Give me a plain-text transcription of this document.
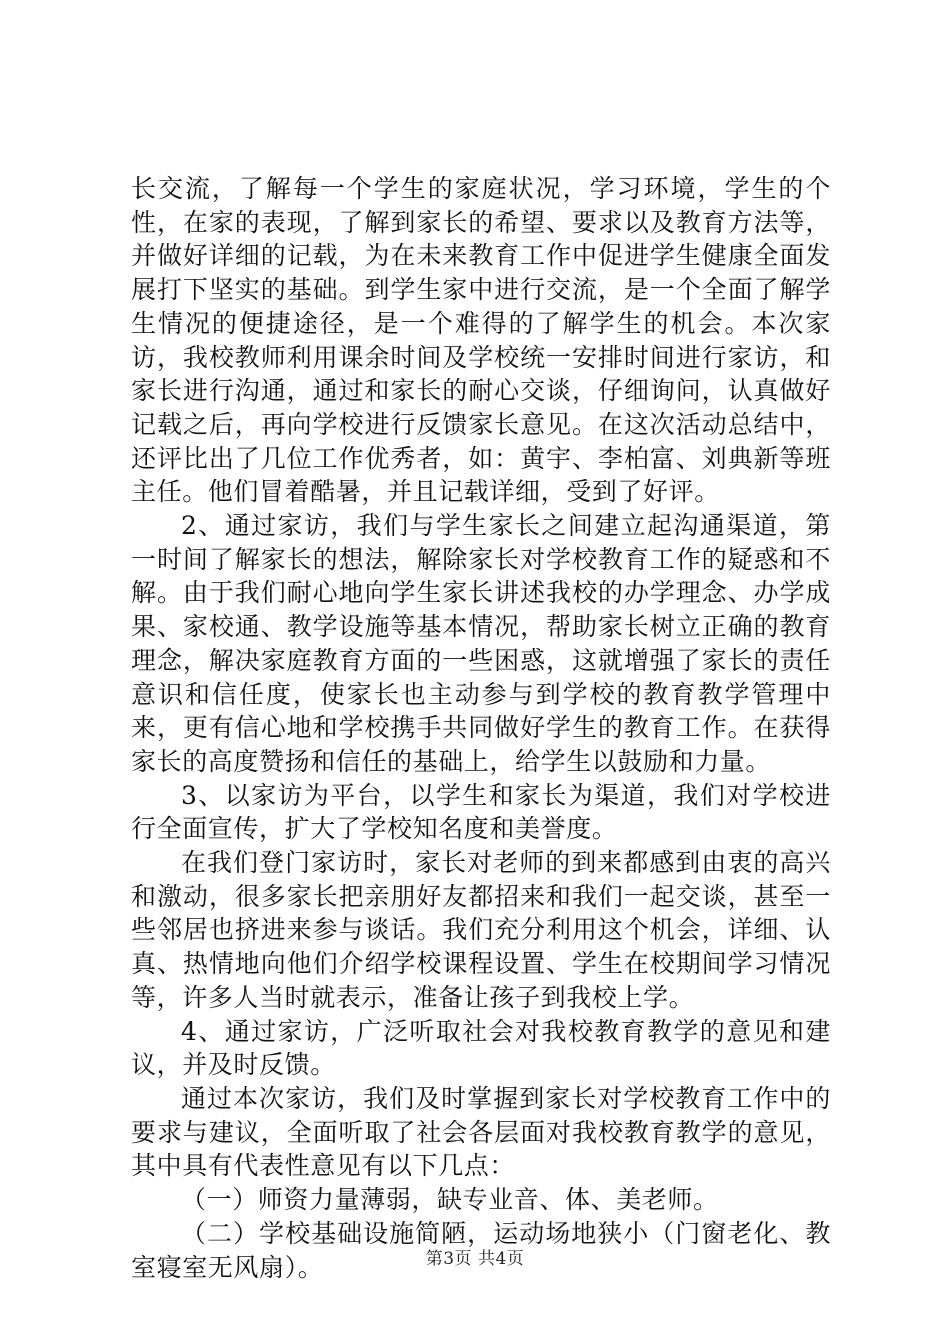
长交流，了解每一个学生的家庭状况，学习环境，学生的个性，在家的表现，了解到家长的希望、要求以及教育方法等，并做好详细的记载，为在未来教育工作中促进学生健康全面发展打下坚实的基础。到学生家中进行交流，是一个全面了解学生情况的便捷途径，是一个难得的了解学生的机会。本次家访，我校教师利用课余时间及学校统一安排时间进行家访，和家长进行沟通，通过和家长的耐心交谈，仔细询问，认真做好记载之后，再向学校进行反馈家长意见。在这次活动总结中，还评比出了几位工作优秀者，如：黄宇、李柏富、刘典新等班主任。他们冒着酷暑，并且记载详细，受到了好评。

2、通过家访，我们与学生家长之间建立起沟通渠道，第一时间了解家长的想法，解除家长对学校教育工作的疑惑和不解。由于我们耐心地向学生家长讲述我校的办学理念、办学成果、家校通、教学设施等基本情况，帮助家长树立正确的教育理念，解决家庭教育方面的一些困惑，这就增强了家长的责任意识和信任度，使家长也主动参与到学校的教育教学管理中来，更有信心地和学校携手共同做好学生的教育工作。在获得家长的高度赞扬和信任的基础上，给学生以鼓励和力量。

3、以家访为平台，以学生和家长为渠道，我们对学校进行全面宣传，扩大了学校知名度和美誉度。

在我们登门家访时，家长对老师的到来都感到由衷的高兴和激动，很多家长把亲朋好友都招来和我们一起交谈，甚至一些邻居也挤进来参与谈话。我们充分利用这个机会，详细、认真、热情地向他们介绍学校课程设置、学生在校期间学习情况等，许多人当时就表示，准备让孩子到我校上学。

4、通过家访，广泛听取社会对我校教育教学的意见和建议，并及时反馈。

通过本次家访，我们及时掌握到家长对学校教育工作中的要求与建议，全面听取了社会各层面对我校教育教学的意见，其中具有代表性意见有以下几点：

（一）师资力量薄弱，缺专业音、体、美老师。

（二）学校基础设施简陋，运动场地狭小（门窗老化、教室寝室无风扇）。	第3页 共4页
